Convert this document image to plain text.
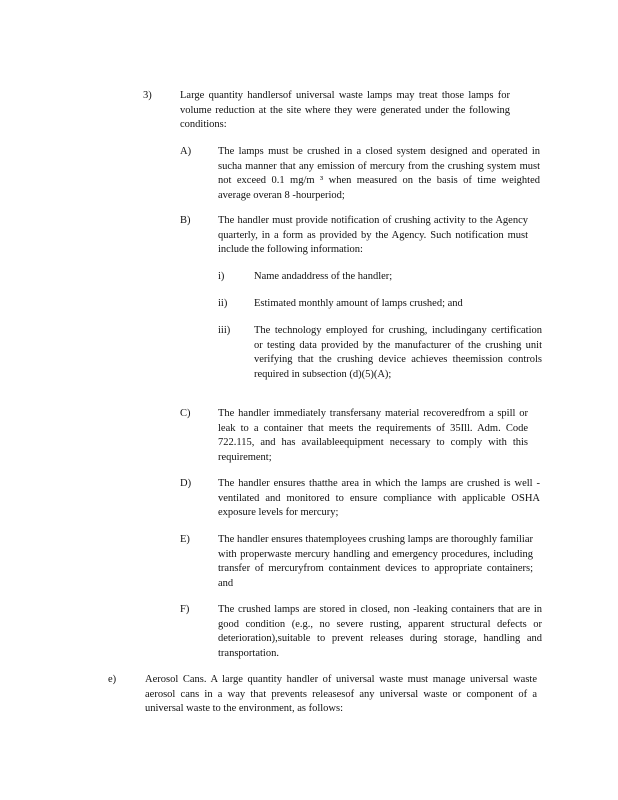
3)	Large quantity handlersof universal waste lamps may treat those lamps for volume reduction at the site where they were generated under the following conditions:
A)	The lamps must be crushed in a closed system designed and operated in sucha manner that any emission of mercury from the crushing system must not exceed 0.1 mg/m ³ when measured on the basis of time weighted average overan 8 -hourperiod;
B)	The handler must provide notification of crushing activity to the Agency quarterly, in a form as provided by the Agency. Such notification must include the following information:
i)	Name andaddress of the handler;
ii)	Estimated monthly amount of lamps crushed; and
iii) The technology employed for crushing, includingany certification or testing data provided by the manufacturer of the crushing unit verifying that the crushing device achieves theemission controls required in subsection (d)(5)(A);
C)	The handler immediately transfersany material recoveredfrom a spill or leak to a container that meets the requirements of 35Ill. Adm. Code 722.115, and has availableequipment necessary to comply with this requirement;
D)	The handler ensures thatthe area in which the lamps are crushed is well -ventilated and monitored to ensure compliance with applicable OSHA exposure levels for mercury;
E)	The handler ensures thatemployees crushing lamps are thoroughly familiar with properwaste mercury handling and emergency procedures, including transfer of mercuryfrom containment devices to appropriate containers; and
F)	The crushed lamps are stored in closed, non -leaking containers that are in good condition (e.g., no severe rusting, apparent structural defects or deterioration),suitable to prevent releases during storage, handling and transportation.
e)	Aerosol Cans. A large quantity handler of universal waste must manage universal waste aerosol cans in a way that prevents releasesof any universal waste or component of a universal waste to the environment, as follows:
